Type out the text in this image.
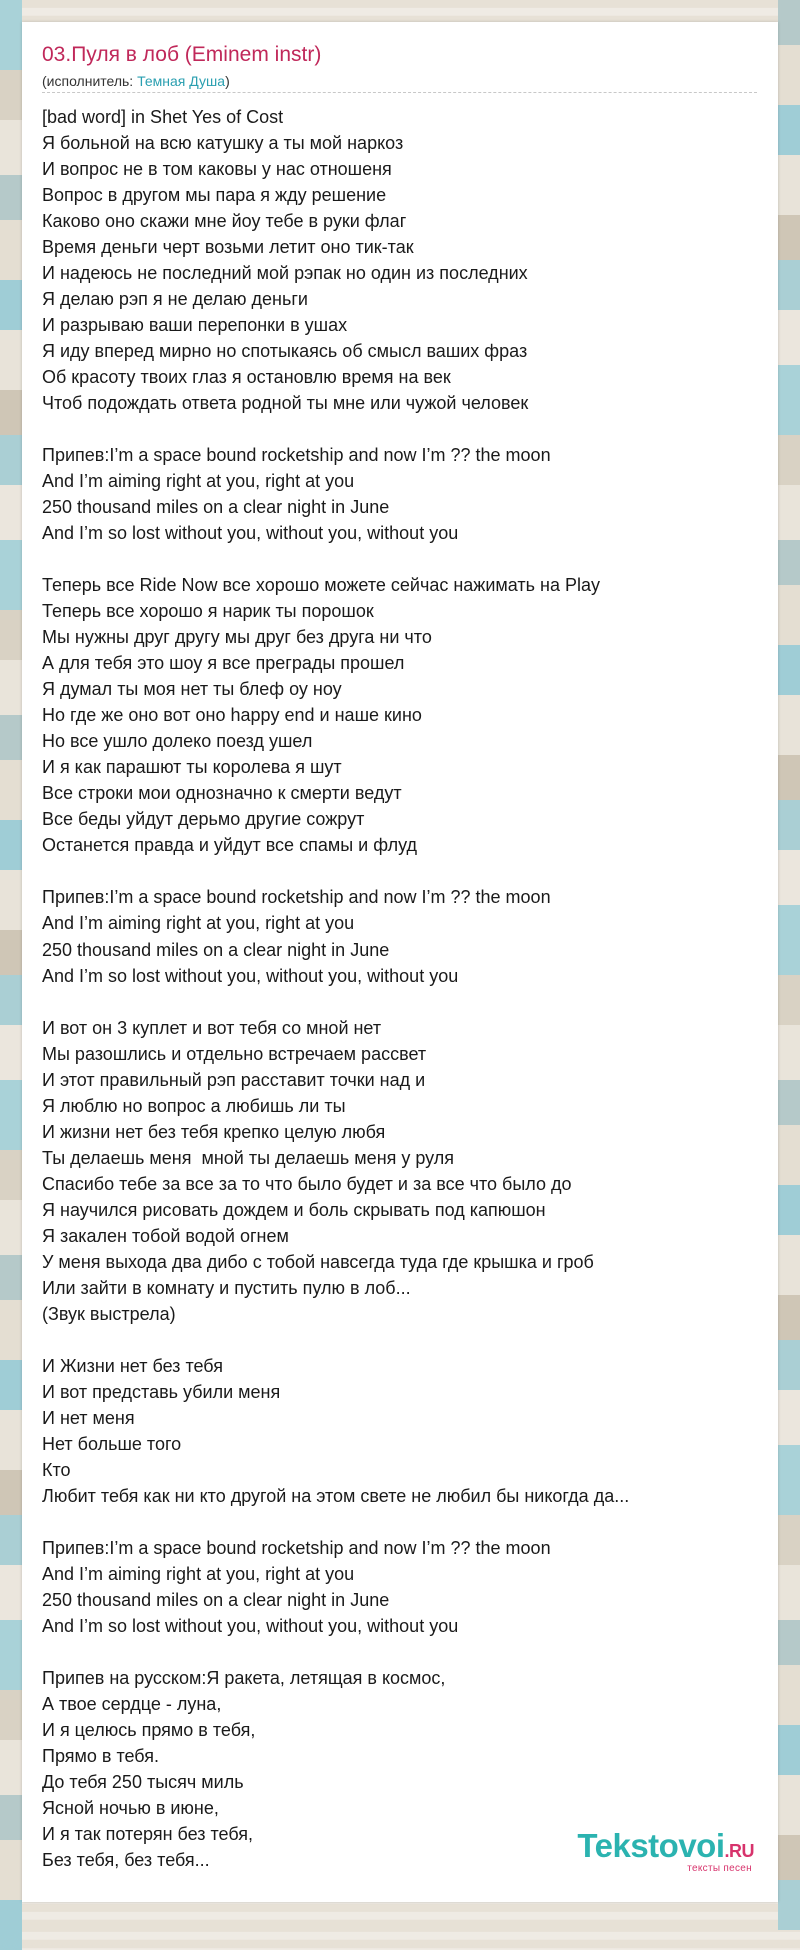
03.Пуля в лоб (Eminem instr)
(исполнитель: Темная Душа)
[bad word] in Shet Yes of Cost
Я больной на всю катушку а ты мой наркоз
И вопрос не в том каковы у нас отношеня
Вопрос в другом мы пара я жду решение
Каково оно скажи мне йоу тебе в руки флаг
Время деньги черт возьми летит оно тик-так
И надеюсь не последний мой рэпак но один из последних
Я делаю рэп я не делаю деньги
И разрываю ваши перепонки в ушах
Я иду вперед мирно но спотыкаясь об смысл ваших фраз
Об красоту твоих глаз я остановлю время на век
Чтоб подождать ответа родной ты мне или чужой человек
Припев:I’m a space bound rocketship and now I’m ?? the moon
And I’m aiming right at you, right at you
250 thousand miles on a clear night in June
And I’m so lost without you, without you, without you
Теперь все Ride Now все хорошо можете сейчас нажимать на Play
Теперь все хорошо я нарик ты порошок
Мы нужны друг другу мы друг без друга ни что
А для тебя это шоу я все преграды прошел
Я думал ты моя нет ты блеф оу ноу
Но где же оно вот оно happy end и наше кино
Но все ушло долеко поезд ушел
И я как парашют ты королева я шут
Все строки мои однозначно к смерти ведут
Все беды уйдут дерьмо другие сожрут
Останется правда и уйдут все спамы и флуд
Припев:I’m a space bound rocketship and now I’m ?? the moon
And I’m aiming right at you, right at you
250 thousand miles on a clear night in June
And I’m so lost without you, without you, without you
И вот он 3 куплет и вот тебя со мной нет
Мы разошлись и отдельно встречаем рассвет
И этот правильный рэп расставит точки над и
Я люблю но вопрос а любишь ли ты
И жизни нет без тебя крепко целую любя
Ты делаешь меня  мной ты делаешь меня у руля
Спасибо тебе за все за то что было будет и за все что было до
Я научился рисовать дождем и боль скрывать под капюшон
Я закален тобой водой огнем
У меня выхода два дибо с тобой навсегда туда где крышка и гроб
Или зайти в комнату и пустить пулю в лоб...
(Звук выстрела)
И Жизни нет без тебя
И вот представь убили меня
И нет меня
Нет больше того
Кто
Любит тебя как ни кто другой на этом свете не любил бы никогда да...
Припев:I’m a space bound rocketship and now I’m ?? the moon
And I’m aiming right at you, right at you
250 thousand miles on a clear night in June
And I’m so lost without you, without you, without you
Припев на русском:Я ракета, летящая в космос,
А твое сердце - луна,
И я целюсь прямо в тебя,
Прямо в тебя.
До тебя 250 тысяч миль
Ясной ночью в июне,
И я так потерян без тебя,
Без тебя, без тебя...	Tekstovoi.RU
тексты песен
